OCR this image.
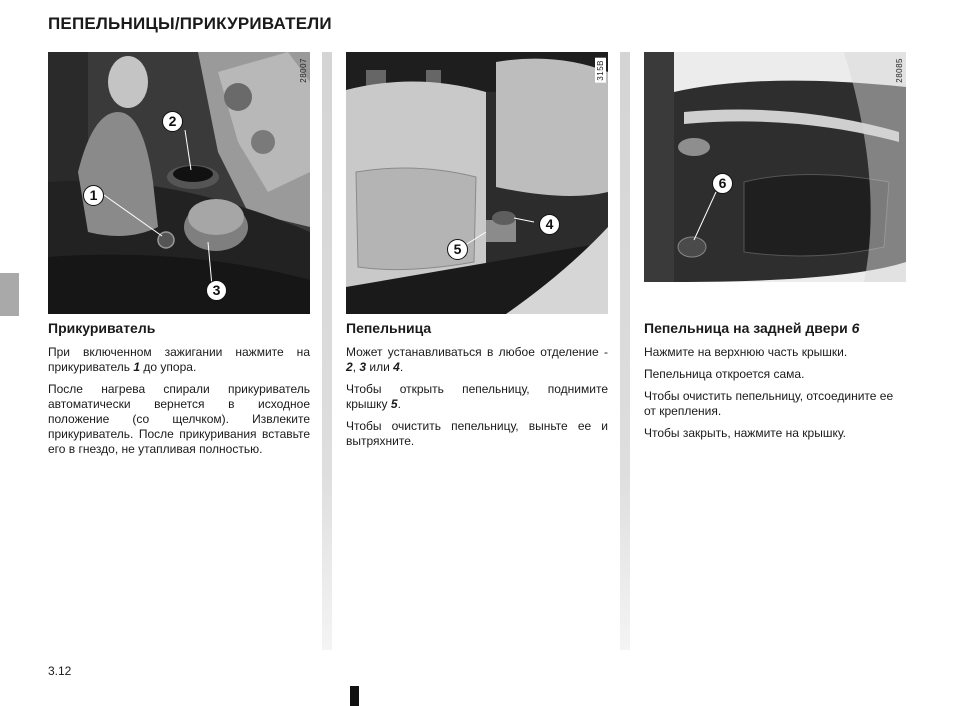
ПЕПЕЛЬНИЦЫ/ПРИКУРИВАТЕЛИ
28007
2
1
3
Прикуриватель

При включенном зажигании нажмите на прикуриватель 1 до упора.

После нагрева спирали прикуриватель автоматически вернется в исходное положение (со щелчком). Извлеките прикуриватель. После прикуривания вставьте его в гнездо, не утапливая полностью.

315B
4
5
Пепельница

Может устанавливаться в любое отделение - 2, 3 или 4.

Чтобы открыть пепельницу, поднимите крышку 5.

Чтобы очистить пепельницу, выньте ее и вытряхните.

28085
6
Пепельница на задней двери 6

Нажмите на верхнюю часть крышки.

Пепельница откроется сама.

Чтобы очистить пепельницу, отсоедините ее от крепления.

Чтобы закрыть, нажмите на крышку.

3.12
